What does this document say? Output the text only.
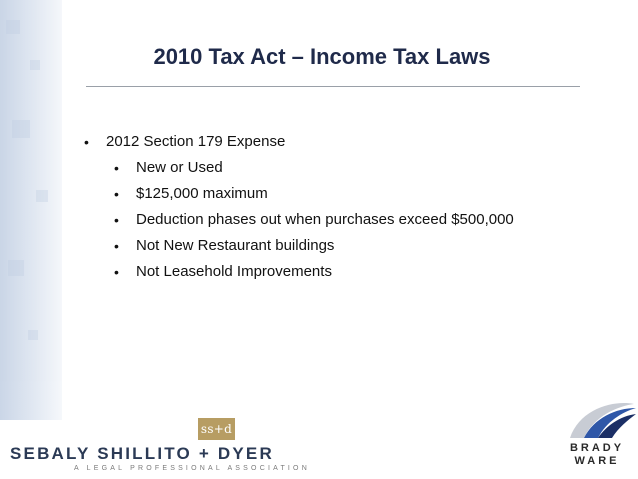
2010 Tax Act – Income Tax Laws
• 2012 Section 179 Expense
• New or Used
• $125,000 maximum
• Deduction phases out when purchases exceed $500,000
• Not New Restaurant buildings
• Not Leasehold Improvements
ss+d
SEBALY SHILLITO + DYER
A LEGAL PROFESSIONAL ASSOCIATION
BRADY
WARE
